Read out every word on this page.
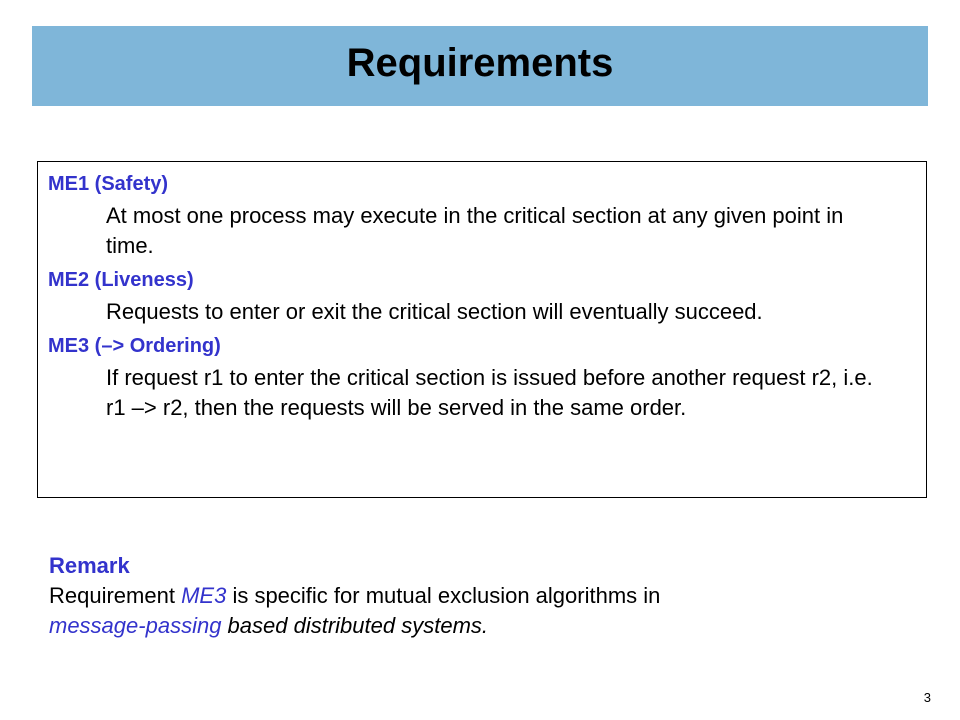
Requirements
ME1 (Safety)
At most one process may execute in the critical section at any given point in time.
ME2 (Liveness)
Requests to enter or exit the critical section will eventually succeed.
ME3 (–> Ordering)
If request r1 to enter the critical section is issued before another request r2, i.e. r1 –> r2, then the requests will be served in the same order.
Remark
Requirement ME3 is specific for mutual exclusion algorithms in
message-passing based distributed systems.
3
